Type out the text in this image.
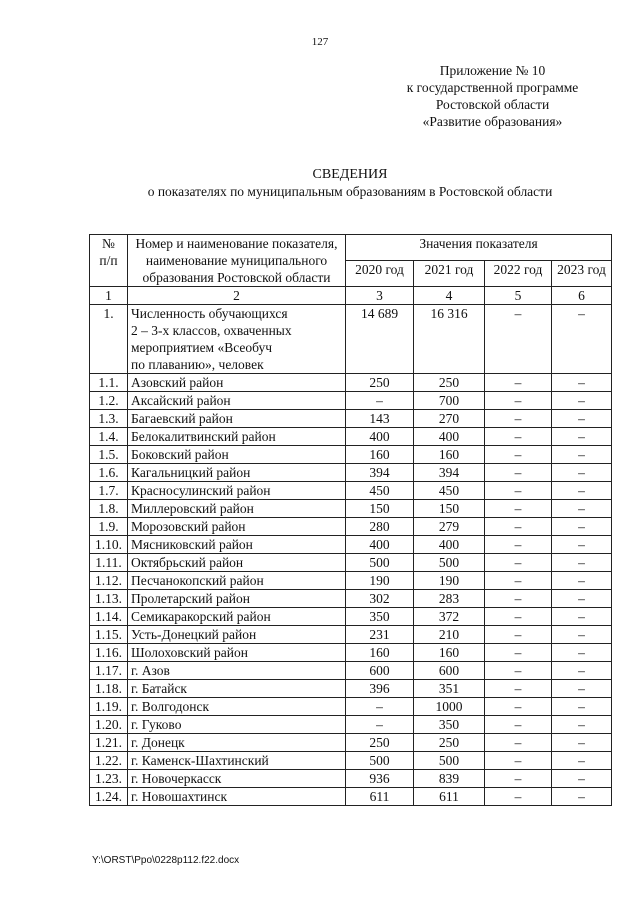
127
Приложение № 10
к государственной программе
Ростовской области
«Развитие образования»
СВЕДЕНИЯ
о показателях по муниципальным образованиям в Ростовской области
№
п/п	Номер и наименование показателя, наименование муниципального образования Ростовской области	Значения показателя			
		2020 год	2021 год	2022 год	2023 год
1	2	3	4	5	6
1.	Численность обучающихся
2 – 3-х классов, охваченных
мероприятием «Всеобуч
по плаванию», человек	14 689	16 316	–	–
1.1.	Азовский район	250	250	–	–
1.2.	Аксайский район	–	700	–	–
1.3.	Багаевский район	143	270	–	–
1.4.	Белокалитвинский район	400	400	–	–
1.5.	Боковский район	160	160	–	–
1.6.	Кагальницкий район	394	394	–	–
1.7.	Красносулинский район	450	450	–	–
1.8.	Миллеровский район	150	150	–	–
1.9.	Морозовский район	280	279	–	–
1.10.	Мясниковский район	400	400	–	–
1.11.	Октябрьский район	500	500	–	–
1.12.	Песчанокопский район	190	190	–	–
1.13.	Пролетарский район	302	283	–	–
1.14.	Семикаракорский район	350	372	–	–
1.15.	Усть-Донецкий район	231	210	–	–
1.16.	Шолоховский район	160	160	–	–
1.17.	г. Азов	600	600	–	–
1.18.	г. Батайск	396	351	–	–
1.19.	г. Волгодонск	–	1000	–	–
1.20.	г. Гуково	–	350	–	–
1.21.	г. Донецк	250	250	–	–
1.22.	г. Каменск-Шахтинский	500	500	–	–
1.23.	г. Новочеркасск	936	839	–	–
1.24.	г. Новошахтинск	611	611	–	–
Y:\ORST\Ppo\0228p112.f22.docx
